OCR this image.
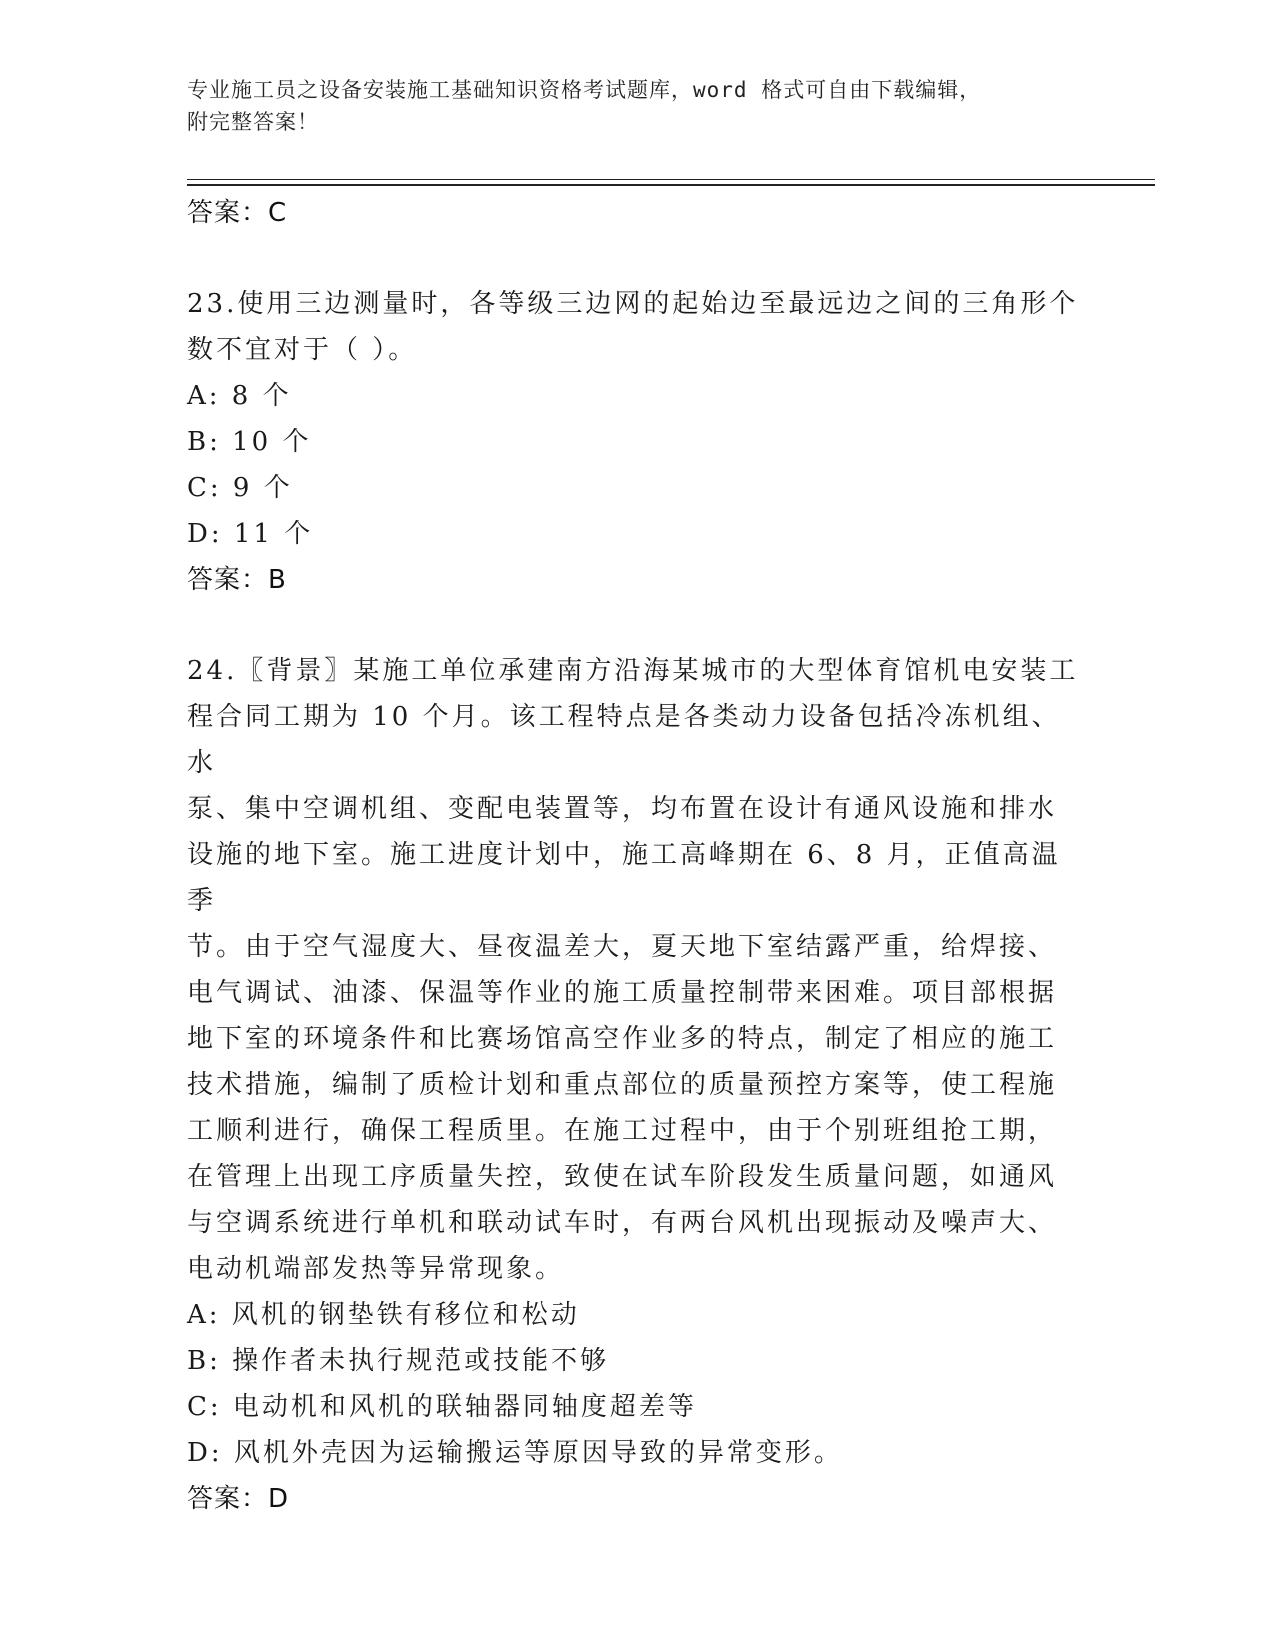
专业施工员之设备安装施工基础知识资格考试题库，word 格式可自由下载编辑，
附完整答案！
答案：C
23.使用三边测量时，各等级三边网的起始边至最远边之间的三角形个
数不宜对于（ ）。
A: 8 个
B: 10 个
C: 9 个
D: 11 个
答案：B
24.〖背景〗某施工单位承建南方沿海某城市的大型体育馆机电安装工
程合同工期为 10 个月。该工程特点是各类动力设备包括冷冻机组、水
泵、集中空调机组、变配电装置等，均布置在设计有通风设施和排水
设施的地下室。施工进度计划中，施工高峰期在 6、8 月，正值高温季
节。由于空气湿度大、昼夜温差大，夏天地下室结露严重，给焊接、
电气调试、油漆、保温等作业的施工质量控制带来困难。项目部根据
地下室的环境条件和比赛场馆高空作业多的特点，制定了相应的施工
技术措施，编制了质检计划和重点部位的质量预控方案等，使工程施
工顺利进行，确保工程质里。在施工过程中，由于个别班组抢工期，
在管理上出现工序质量失控，致使在试车阶段发生质量问题，如通风
与空调系统进行单机和联动试车时，有两台风机出现振动及噪声大、
电动机端部发热等异常现象。
A: 风机的钢垫铁有移位和松动
B: 操作者未执行规范或技能不够
C: 电动机和风机的联轴器同轴度超差等
D: 风机外壳因为运输搬运等原因导致的异常变形。
答案：D
